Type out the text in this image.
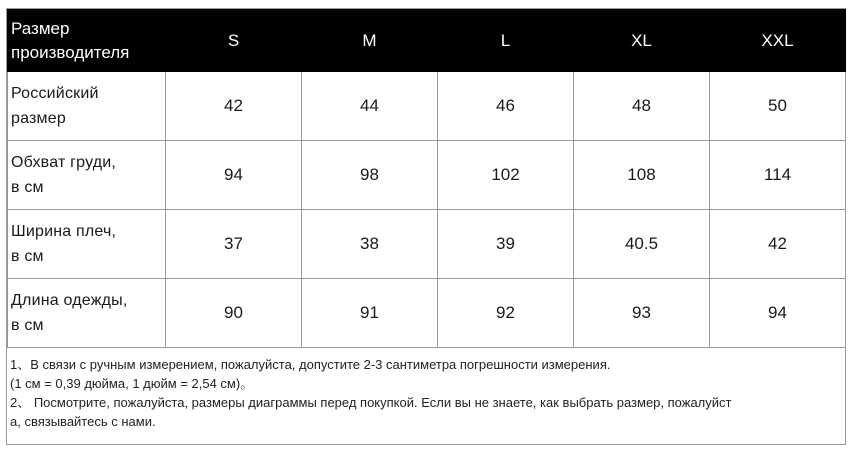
Размер
производителя	S	M	L	XL	XXL

Российский
размер	42	44	46	48	50

Обхват груди,
в см	94	98	102	108	114

Ширина плеч,
в см	37	38	39	40.5	42

Длина одежды,
в см	90	91	92	93	94
1、В связи с ручным измерением, пожалуйста, допустите 2-3 сантиметра погрешности измерения.
(1 см = 0,39 дюйма, 1 дюйм = 2,54 см)。
2、 Посмотрите, пожалуйста, размеры диаграммы перед покупкой. Если вы не знаете, как выбрать размер, пожалуйст
а, связывайтесь с нами.
